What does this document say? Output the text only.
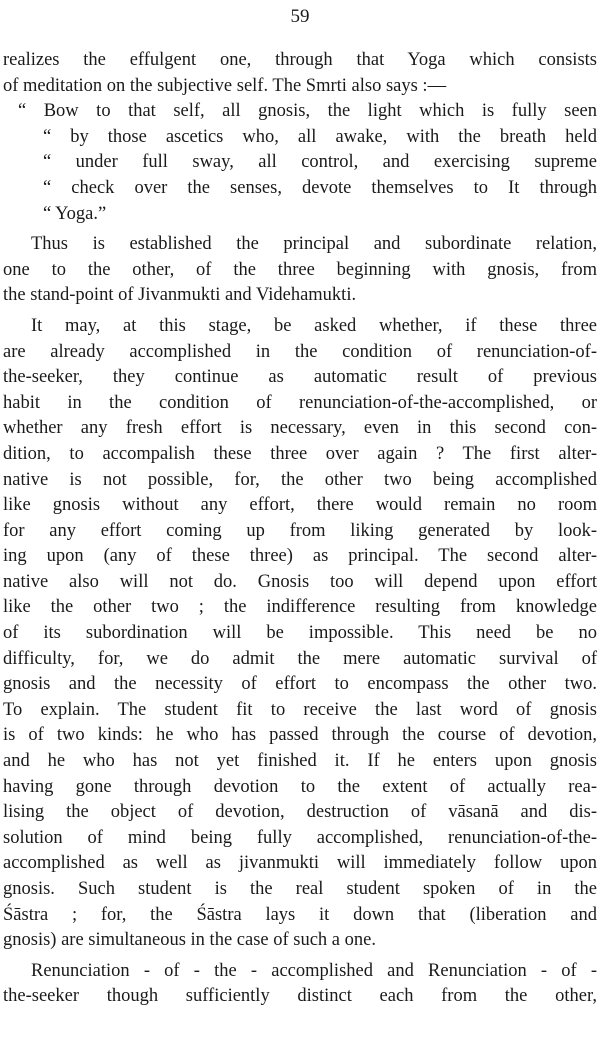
59
realizes the effulgent one, through that Yoga which consists
of meditation on the subjective self. The Smrti also says :—
“ Bow to that self, all gnosis, the light which is fully seen
“ by those ascetics who, all awake, with the breath held
“ under full sway, all control, and exercising supreme
“ check over the senses, devote themselves to It through
“ Yoga.”
Thus is established the principal and subordinate relation,
one to the other, of the three beginning with gnosis, from
the stand-point of Jivanmukti and Videhamukti.
It may, at this stage, be asked whether, if these three
are already accomplished in the condition of renunciation-of-
the-seeker, they continue as automatic result of previous
habit in the condition of renunciation-of-the-accomplished, or
whether any fresh effort is necessary, even in this second con-
dition, to accompalish these three over again ? The first alter-
native is not possible, for, the other two being accomplished
like gnosis without any effort, there would remain no room
for any effort coming up from liking generated by look-
ing upon (any of these three) as principal. The second alter-
native also will not do. Gnosis too will depend upon effort
like the other two ; the indifference resulting from knowledge
of its subordination will be impossible. This need be no
difficulty, for, we do admit the mere automatic survival of
gnosis and the necessity of effort to encompass the other two.
To explain. The student fit to receive the last word of gnosis
is of two kinds: he who has passed through the course of devotion,
and he who has not yet finished it. If he enters upon gnosis
having gone through devotion to the extent of actually rea-
lising the object of devotion, destruction of vāsanā and dis-
solution of mind being fully accomplished, renunciation-of-the-
accomplished as well as jivanmukti will immediately follow upon
gnosis. Such student is the real student spoken of in the
Śāstra ; for, the Śāstra lays it down that (liberation and
gnosis) are simultaneous in the case of such a one.
Renunciation - of - the - accomplished and Renunciation - of -
the-seeker though sufficiently distinct each from the other,
